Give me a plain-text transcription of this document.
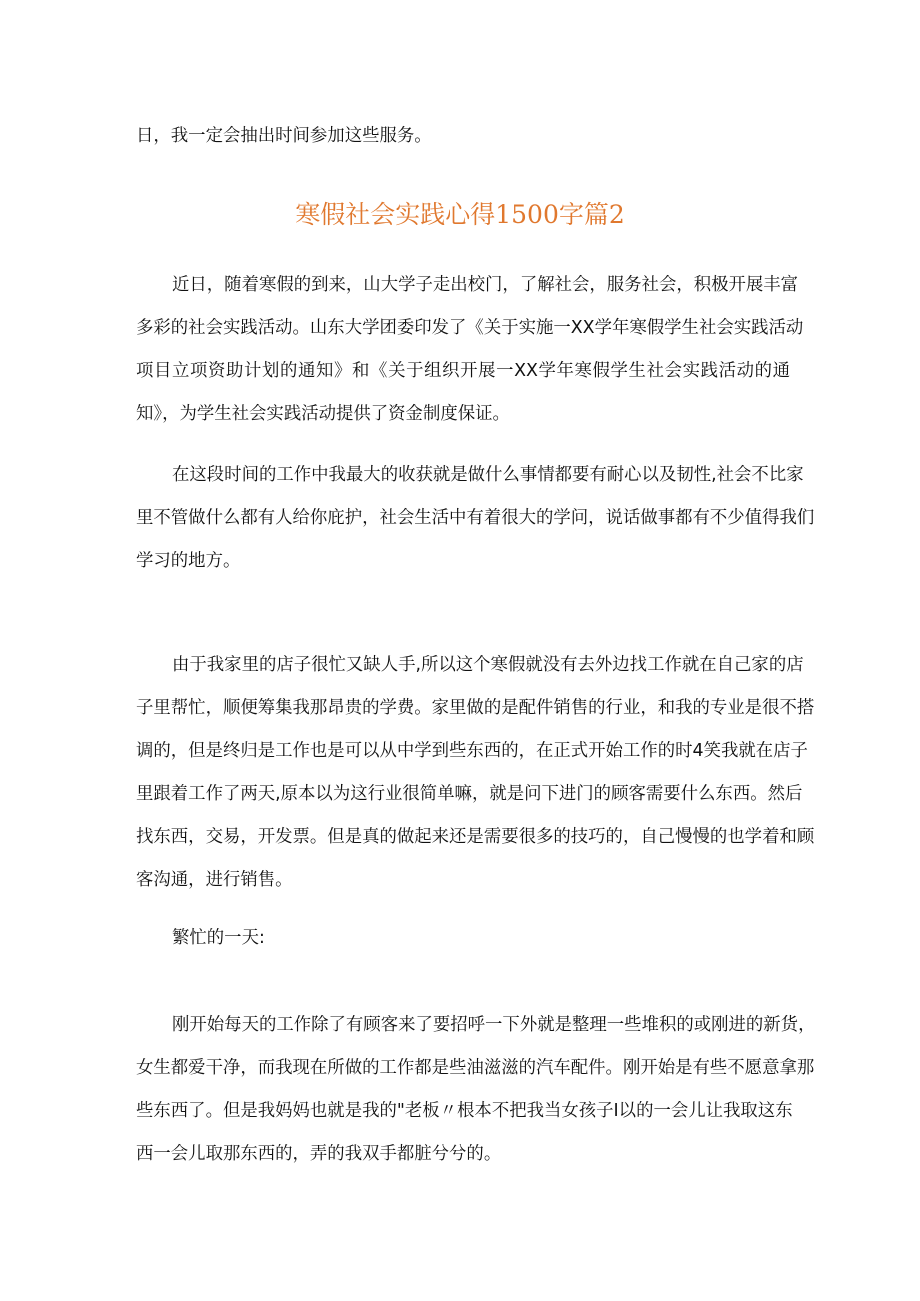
日，我一定会抽出时间参加这些服务。
寒假社会实践心得1500字篇2
近日，随着寒假的到来，山大学子走出校门，了解社会，服务社会，积极开展丰富
多彩的社会实践活动。山东大学团委印发了《关于实施一XX学年寒假学生社会实践活动
项目立项资助计划的通知》和《关于组织开展一XX学年寒假学生社会实践活动的通
知》，为学生社会实践活动提供了资金制度保证。
在这段时间的工作中我最大的收获就是做什么事情都要有耐心以及韧性,社会不比家
里不管做什么都有人给你庇护，社会生活中有着很大的学问，说话做事都有不少值得我们
学习的地方。
由于我家里的店子很忙又缺人手,所以这个寒假就没有去外边找工作就在自己家的店
子里帮忙，顺便筹集我那昂贵的学费。家里做的是配件销售的行业，和我的专业是很不搭
调的，但是终归是工作也是可以从中学到些东西的，在正式开始工作的时4笑我就在店子
里跟着工作了两天,原本以为这行业很简单嘛，就是问下进门的顾客需要什么东西。然后
找东西，交易，开发票。但是真的做起来还是需要很多的技巧的，自己慢慢的也学着和顾
客沟通，进行销售。
繁忙的一天:
刚开始每天的工作除了有顾客来了要招呼一下外就是整理一些堆积的或刚进的新货，
女生都爱干净，而我现在所做的工作都是些油滋滋的汽车配件。刚开始是有些不愿意拿那
些东西了。但是我妈妈也就是我的"老板〃根本不把我当女孩子I以的一会儿让我取这东
西一会儿取那东西的，弄的我双手都脏兮兮的。
